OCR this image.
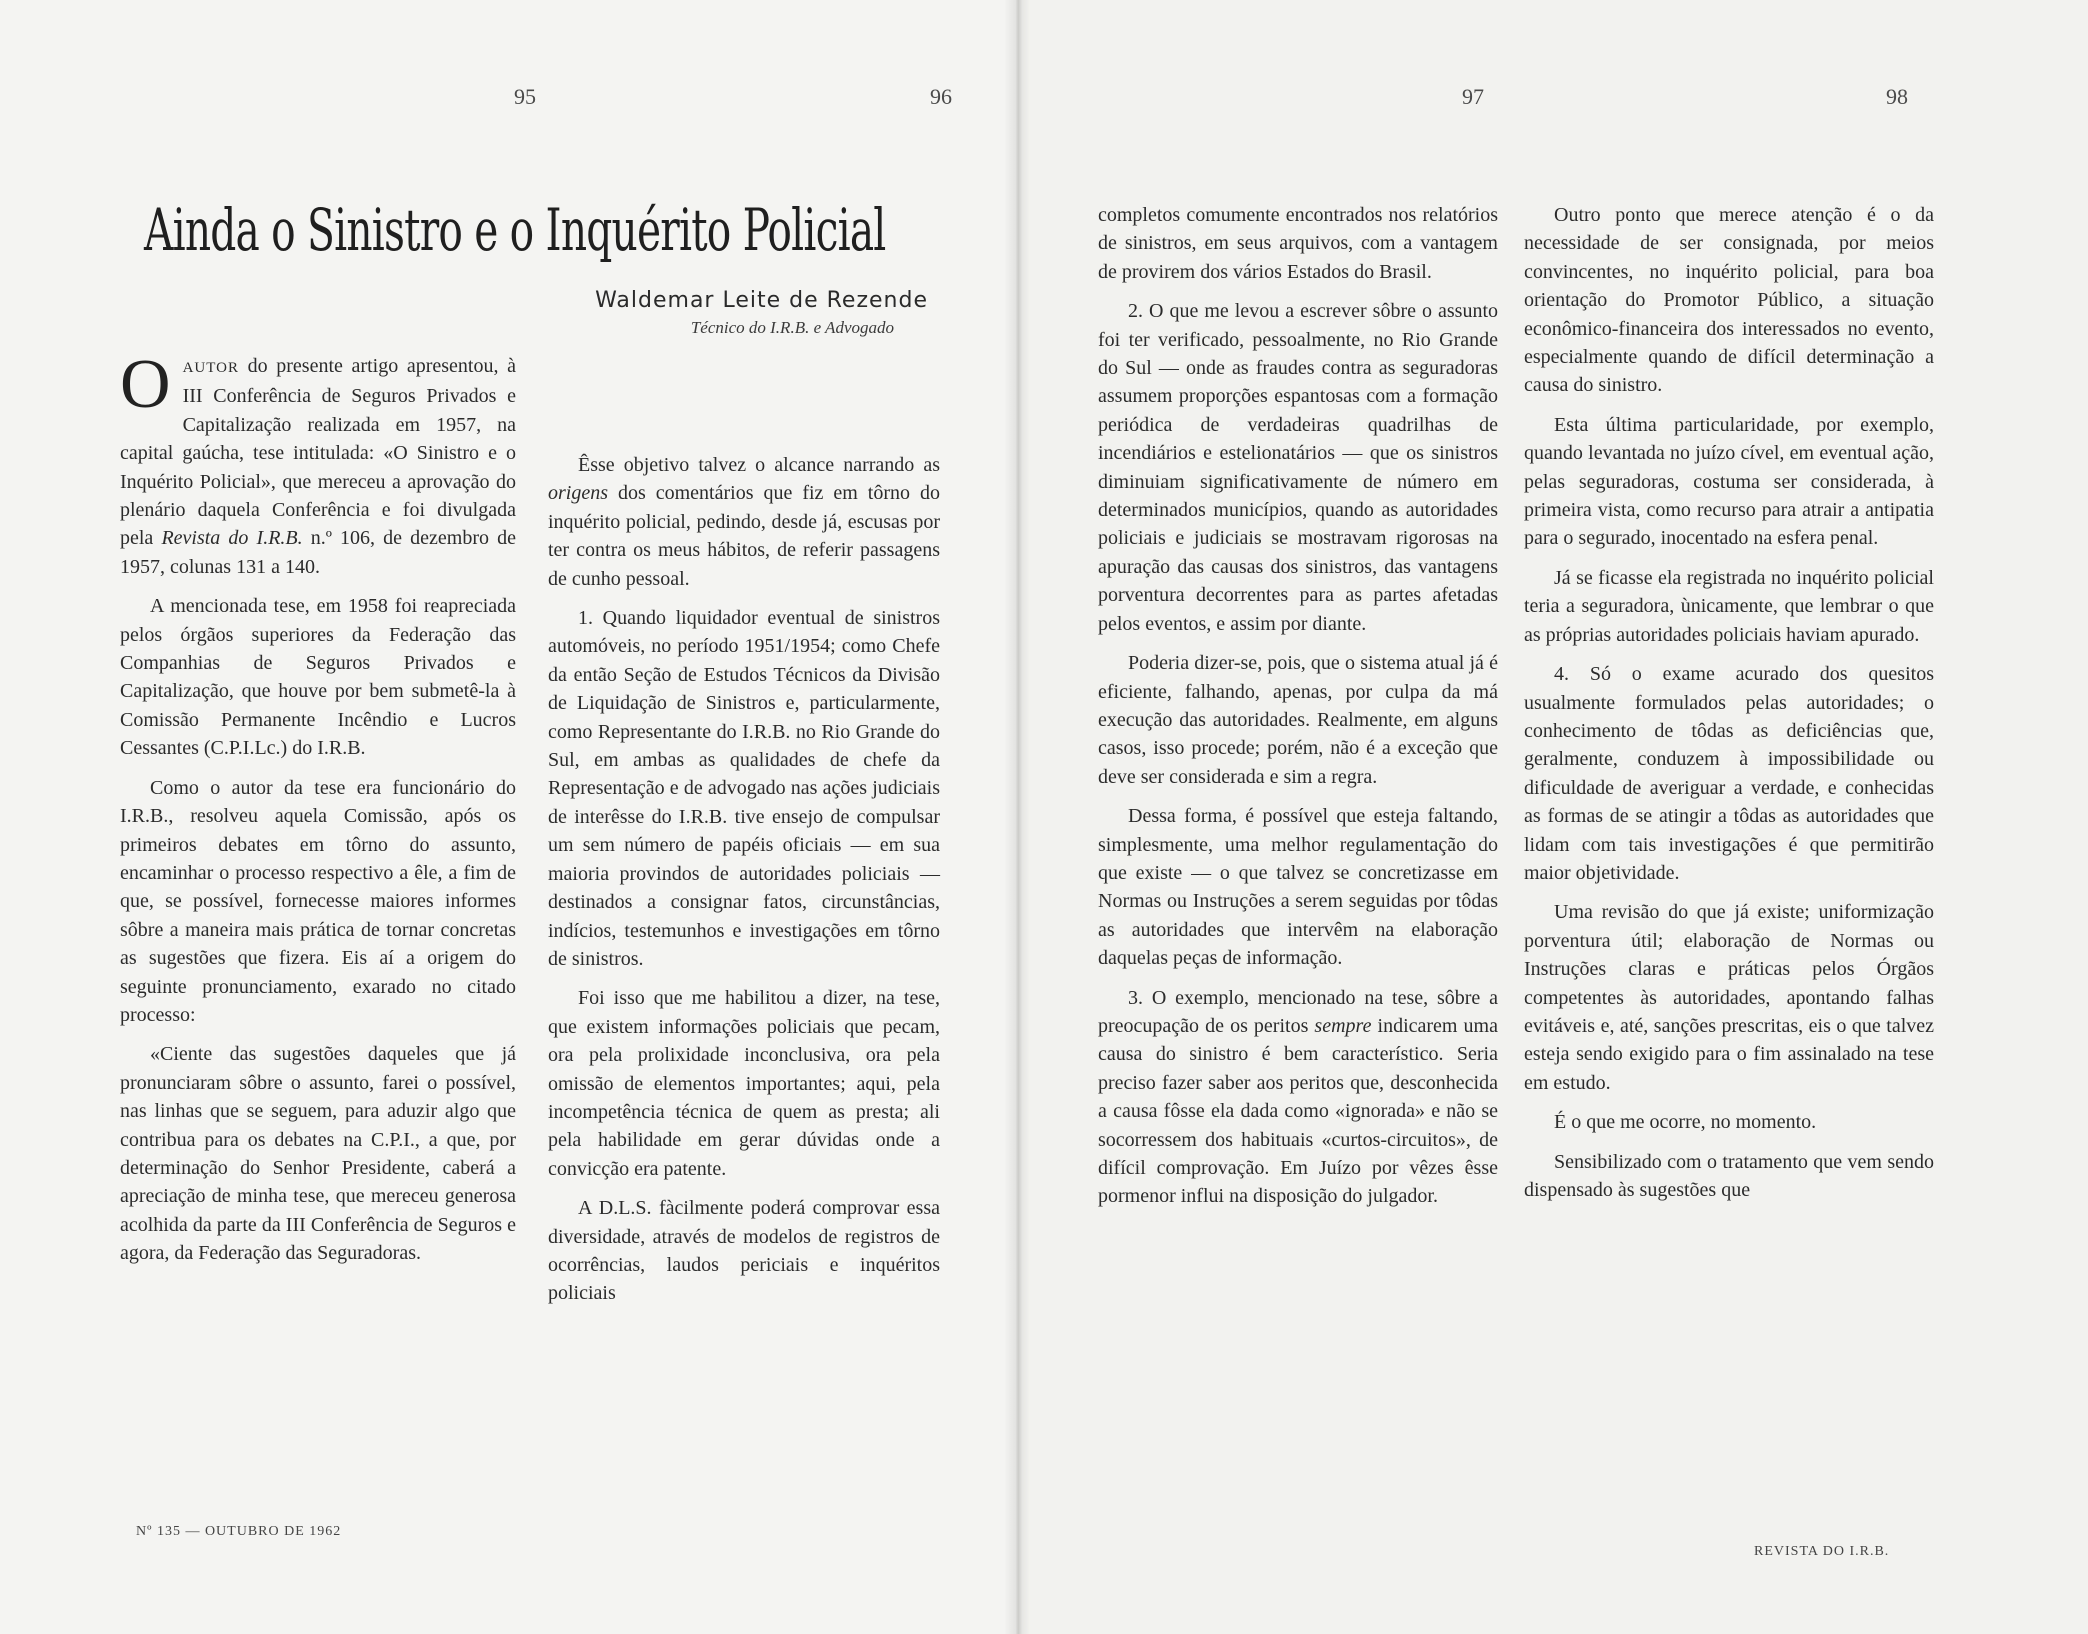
95	96
Ainda o Sinistro e o Inquérito Policial
Waldemar Leite de Rezende
Técnico do I.R.B. e Advogado

OAUTOR do presente artigo apresentou, à III Conferência de Seguros Privados e Capitalização realizada em 1957, na capital gaúcha, tese intitulada: «O Sinistro e o Inquérito Policial», que mereceu a aprovação do plenário daquela Conferência e foi divulgada pela Revista do I.R.B. n.º 106, de dezembro de 1957, colunas 131 a 140.

A mencionada tese, em 1958 foi reapreciada pelos órgãos superiores da Federação das Companhias de Seguros Privados e Capitalização, que houve por bem submetê-la à Comissão Permanente Incêndio e Lucros Cessantes (C.P.I.Lc.) do I.R.B.

Como o autor da tese era funcionário do I.R.B., resolveu aquela Comissão, após os primeiros debates em tôrno do assunto, encaminhar o processo respectivo a êle, a fim de que, se possível, fornecesse maiores informes sôbre a maneira mais prática de tornar concretas as sugestões que fizera. Eis aí a origem do seguinte pronunciamento, exarado no citado processo:

«Ciente das sugestões daqueles que já pronunciaram sôbre o assunto, farei o possível, nas linhas que se seguem, para aduzir algo que contribua para os debates na C.P.I., a que, por determinação do Senhor Presidente, caberá a apreciação de minha tese, que mereceu generosa acolhida da parte da III Conferência de Seguros e agora, da Federação das Seguradoras.

Êsse objetivo talvez o alcance narrando as origens dos comentários que fiz em tôrno do inquérito policial, pedindo, desde já, escusas por ter contra os meus hábitos, de referir passagens de cunho pessoal.

1. Quando liquidador eventual de sinistros automóveis, no período 1951/1954; como Chefe da então Seção de Estudos Técnicos da Divisão de Liquidação de Sinistros e, particularmente, como Representante do I.R.B. no Rio Grande do Sul, em ambas as qualidades de chefe da Representação e de advogado nas ações judiciais de interêsse do I.R.B. tive ensejo de compulsar um sem número de papéis oficiais — em sua maioria provindos de autoridades policiais — destinados a consignar fatos, circunstâncias, indícios, testemunhos e investigações em tôrno de sinistros.

Foi isso que me habilitou a dizer, na tese, que existem informações policiais que pecam, ora pela prolixidade inconclusiva, ora pela omissão de elementos importantes; aqui, pela incompetência técnica de quem as presta; ali pela habilidade em gerar dúvidas onde a convicção era patente.

A D.L.S. fàcilmente poderá comprovar essa diversidade, através de modelos de registros de ocorrências, laudos periciais e inquéritos policiais

Nº 135 — OUTUBRO DE 1962
97	98

completos comumente encontrados nos relatórios de sinistros, em seus arquivos, com a vantagem de provirem dos vários Estados do Brasil.

2. O que me levou a escrever sôbre o assunto foi ter verificado, pessoalmente, no Rio Grande do Sul — onde as fraudes contra as seguradoras assumem proporções espantosas com a formação periódica de verdadeiras quadrilhas de incendiários e estelionatários — que os sinistros diminuiam significativamente de número em determinados municípios, quando as autoridades policiais e judiciais se mostravam rigorosas na apuração das causas dos sinistros, das vantagens porventura decorrentes para as partes afetadas pelos eventos, e assim por diante.

Poderia dizer-se, pois, que o sistema atual já é eficiente, falhando, apenas, por culpa da má execução das autoridades. Realmente, em alguns casos, isso procede; porém, não é a exceção que deve ser considerada e sim a regra.

Dessa forma, é possível que esteja faltando, simplesmente, uma melhor regulamentação do que existe — o que talvez se concretizasse em Normas ou Instruções a serem seguidas por tôdas as autoridades que intervêm na elaboração daquelas peças de informação.

3. O exemplo, mencionado na tese, sôbre a preocupação de os peritos sempre indicarem uma causa do sinistro é bem característico. Seria preciso fazer saber aos peritos que, desconhecida a causa fôsse ela dada como «ignorada» e não se socorressem dos habituais «curtos-circuitos», de difícil comprovação. Em Juízo por vêzes êsse pormenor influi na disposição do julgador.

Outro ponto que merece atenção é o da necessidade de ser consignada, por meios convincentes, no inquérito policial, para boa orientação do Promotor Público, a situação econômico-financeira dos interessados no evento, especialmente quando de difícil determinação a causa do sinistro.

Esta última particularidade, por exemplo, quando levantada no juízo cível, em eventual ação, pelas seguradoras, costuma ser considerada, à primeira vista, como recurso para atrair a antipatia para o segurado, inocentado na esfera penal.

Já se ficasse ela registrada no inquérito policial teria a seguradora, ùnicamente, que lembrar o que as próprias autoridades policiais haviam apurado.

4. Só o exame acurado dos quesitos usualmente formulados pelas autoridades; o conhecimento de tôdas as deficiências que, geralmente, conduzem à impossibilidade ou dificuldade de averiguar a verdade, e conhecidas as formas de se atingir a tôdas as autoridades que lidam com tais investigações é que permitirão maior objetividade.

Uma revisão do que já existe; uniformização porventura útil; elaboração de Normas ou Instruções claras e práticas pelos Órgãos competentes às autoridades, apontando falhas evitáveis e, até, sanções prescritas, eis o que talvez esteja sendo exigido para o fim assinalado na tese em estudo.

É o que me ocorre, no momento.

Sensibilizado com o tratamento que vem sendo dispensado às sugestões que

REVISTA DO I.R.B.
